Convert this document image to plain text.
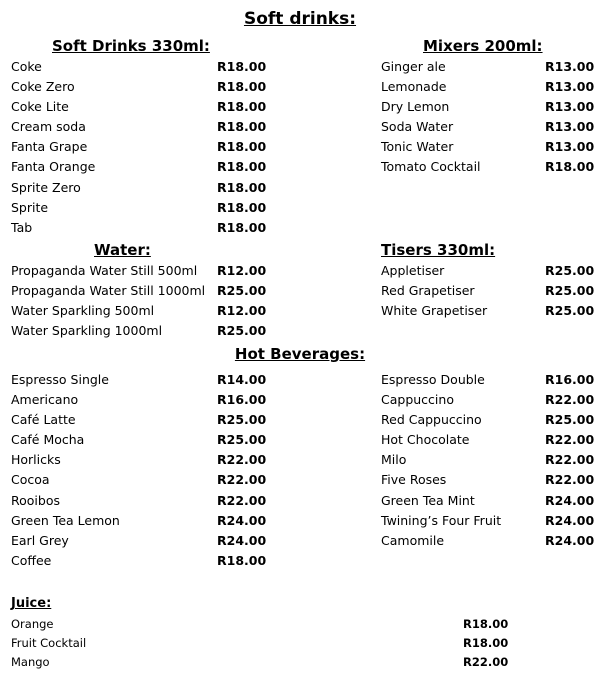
Soft drinks:
Soft Drinks 330ml:
Coke	R18.00
Coke Zero	R18.00
Coke Lite	R18.00
Cream soda	R18.00
Fanta Grape	R18.00
Fanta Orange	R18.00
Sprite Zero	R18.00
Sprite	R18.00
Tab	R18.00
Mixers 200ml:
Ginger ale	R13.00
Lemonade	R13.00
Dry Lemon	R13.00
Soda Water	R13.00
Tonic Water	R13.00
Tomato Cocktail	R18.00
Water:
Propaganda Water Still 500ml R12.00
Propaganda Water Still 1000ml R25.00
Water Sparkling 500ml	R12.00
Water Sparkling 1000ml	R25.00
Tisers 330ml:
Appletiser	R25.00
Red Grapetiser	R25.00
White Grapetiser	R25.00
Hot Beverages:
Espresso Single	R14.00
Americano	R16.00
Café Latte	R25.00
Café Mocha	R25.00
Horlicks	R22.00
Cocoa	R22.00
Rooibos	R22.00
Green Tea Lemon	R24.00
Earl Grey	R24.00
Coffee	R18.00
Espresso Double	R16.00
Cappuccino	R22.00
Red Cappuccino	R25.00
Hot Chocolate	R22.00
Milo	R22.00
Five Roses	R22.00
Green Tea Mint	R24.00
Twining’s Four Fruit	R24.00
Camomile	R24.00
Juice:
Orange	R18.00
Fruit Cocktail	R18.00
Mango	R22.00
